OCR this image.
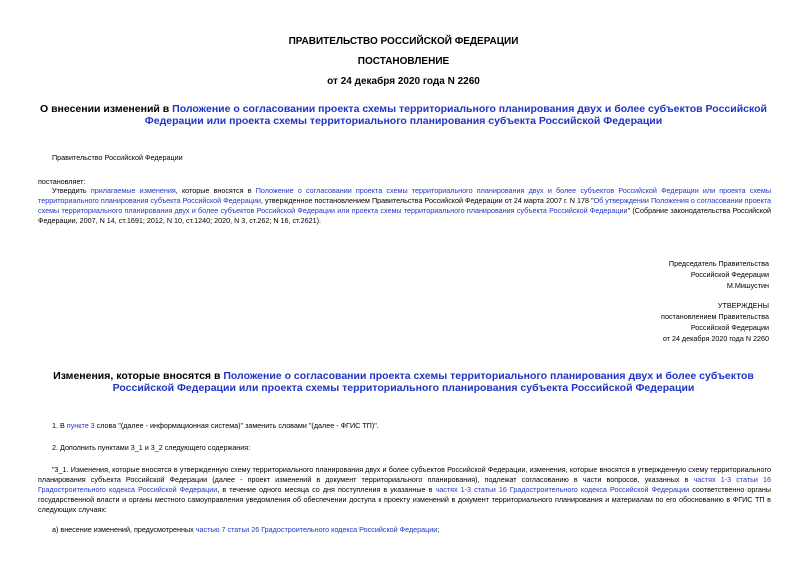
ПРАВИТЕЛЬСТВО РОССИЙСКОЙ ФЕДЕРАЦИИ
ПОСТАНОВЛЕНИЕ
от 24 декабря 2020 года N 2260
О внесении изменений в Положение о согласовании проекта схемы территориального планирования двух и более субъектов Российской Федерации или проекта схемы территориального планирования субъекта Российской Федерации
Правительство Российской Федерации
постановляет:
Утвердить прилагаемые изменения, которые вносятся в Положение о согласовании проекта схемы территориального планирования двух и более субъектов Российской Федерации или проекта схемы территориального планирования субъекта Российской Федерации, утвержденное постановлением Правительства Российской Федерации от 24 марта 2007 г. N 178 "Об утверждении Положения о согласовании проекта схемы территориального планирования двух и более субъектов Российской Федерации или проекта схемы территориального планирования субъекта Российской Федерации" (Собрание законодательства Российской Федерации, 2007, N 14, ст.1691; 2012, N 10, ст.1240; 2020, N 3, ст.262; N 16, ст.2621).
Председатель Правительства
Российской Федерации
М.Мишустин
УТВЕРЖДЕНЫ
постановлением Правительства
Российской Федерации
от 24 декабря 2020 года N 2260
Изменения, которые вносятся в Положение о согласовании проекта схемы территориального планирования двух и более субъектов Российской Федерации или проекта схемы территориального планирования субъекта Российской Федерации
1. В пункте 3 слова "(далее - информационная система)" заменить словами "(далее - ФГИС ТП)".
2. Дополнить пунктами 3_1 и 3_2 следующего содержания:
"3_1. Изменения, которые вносятся в утвержденную схему территориального планирования двух и более субъектов Российской Федерации, изменения, которые вносятся в утвержденную схему территориального планирования субъекта Российской Федерации (далее - проект изменений в документ территориального планирования), подлежат согласованию в части вопросов, указанных в частях 1-3 статьи 16 Градостроительного кодекса Российской Федерации, в течение одного месяца со дня поступления в указанные в частях 1-3 статьи 16 Градостроительного кодекса Российской Федерации соответственно органы государственной власти и органы местного самоуправления уведомления об обеспечении доступа к проекту изменений в документ территориального планирования и материалам по его обоснованию в ФГИС ТП в следующих случаях:
а) внесение изменений, предусмотренных частью 7 статьи 26 Градостроительного кодекса Российской Федерации;
